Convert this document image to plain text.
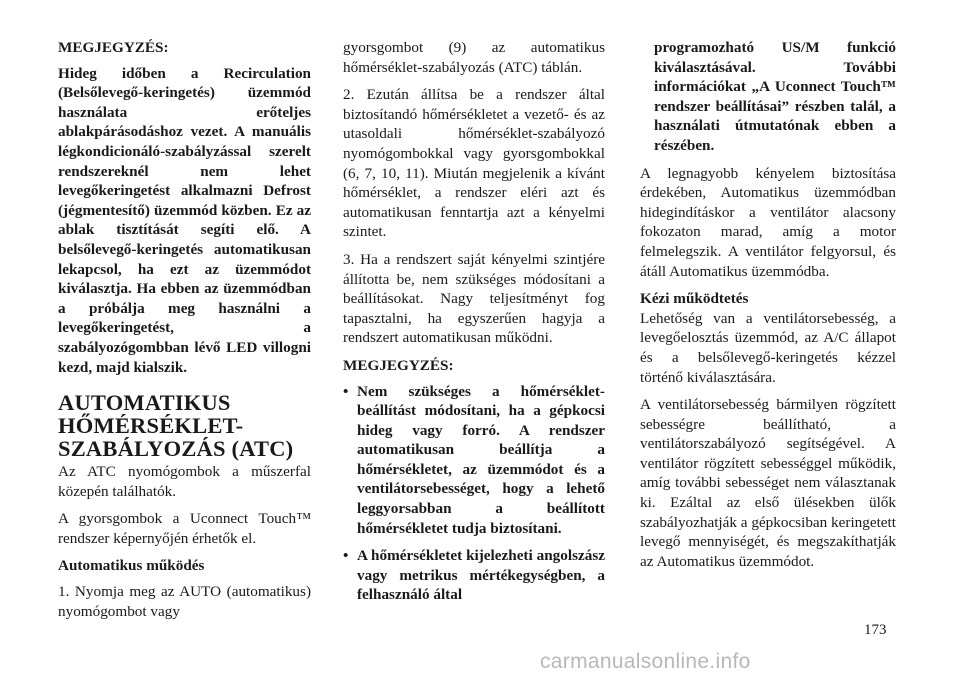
MEGJEGYZÉS:

Hideg időben a Recirculation (Belsőlevegő-keringetés) üzemmód használata erőteljes ablakpárásodáshoz vezet. A manuális légkondicionáló-szabályzással szerelt rendszereknél nem lehet levegőkeringetést alkalmazni Defrost (jégmentesítő) üzemmód közben. Ez az ablak tisztítását segíti elő. A belsőlevegő-keringetés automatikusan lekapcsol, ha ezt az üzemmódot kiválasztja. Ha ebben az üzemmódban a próbálja meg használni a levegőkeringetést, a szabályozógombban lévő LED villogni kezd, majd kialszik.

AUTOMATIKUS HŐMÉRSÉKLET-SZABÁLYOZÁS (ATC)

Az ATC nyomógombok a műszerfal közepén találhatók.

A gyorsgombok a Uconnect Touch™ rendszer képernyőjén érhetők el.

Automatikus működés

1. Nyomja meg az AUTO (automatikus) nyomógombot vagy

gyorsgombot (9) az automatikus hőmérséklet-szabályozás (ATC) táblán.

2. Ezután állítsa be a rendszer által biztosítandó hőmérsékletet a vezető- és az utasoldali hőmérséklet-szabályozó nyomógombokkal vagy gyorsgombokkal (6, 7, 10, 11). Miután megjelenik a kívánt hőmérséklet, a rendszer eléri azt és automatikusan fenntartja azt a kényelmi szintet.

3. Ha a rendszert saját kényelmi szintjére állította be, nem szükséges módosítani a beállításokat. Nagy teljesítményt fog tapasztalni, ha egyszerűen hagyja a rendszert automatikusan működni.

MEGJEGYZÉS:

• Nem szükséges a hőmérséklet-beállítást módosítani, ha a gépkocsi hideg vagy forró. A rendszer automatikusan beállítja a hőmérsékletet, az üzemmódot és a ventilátorsebességet, hogy a lehető leggyorsabban a beállított hőmérsékletet tudja biztosítani.

• A hőmérsékletet kijelezheti angolszász vagy metrikus mértékegységben, a felhasználó által

programozható US/M funkció kiválasztásával. További információkat „A Uconnect Touch™ rendszer beállításai” részben talál, a használati útmutatónak ebben a részében.

A legnagyobb kényelem biztosítása érdekében, Automatikus üzemmódban hidegindításkor a ventilátor alacsony fokozaton marad, amíg a motor felmelegszik. A ventilátor felgyorsul, és átáll Automatikus üzemmódba.

Kézi működtetés

Lehetőség van a ventilátorsebesség, a levegőelosztás üzemmód, az A/C állapot és a belsőlevegő-keringetés kézzel történő kiválasztására.

A ventilátorsebesség bármilyen rögzített sebességre beállítható, a ventilátorszabályozó segítségével. A ventilátor rögzített sebességgel működik, amíg további sebességet nem választanak ki. Ezáltal az első ülésekben ülők szabályozhatják a gépkocsiban keringetett levegő mennyiségét, és megszakíthatják az Automatikus üzemmódot.

173
carmanualsonline.info
